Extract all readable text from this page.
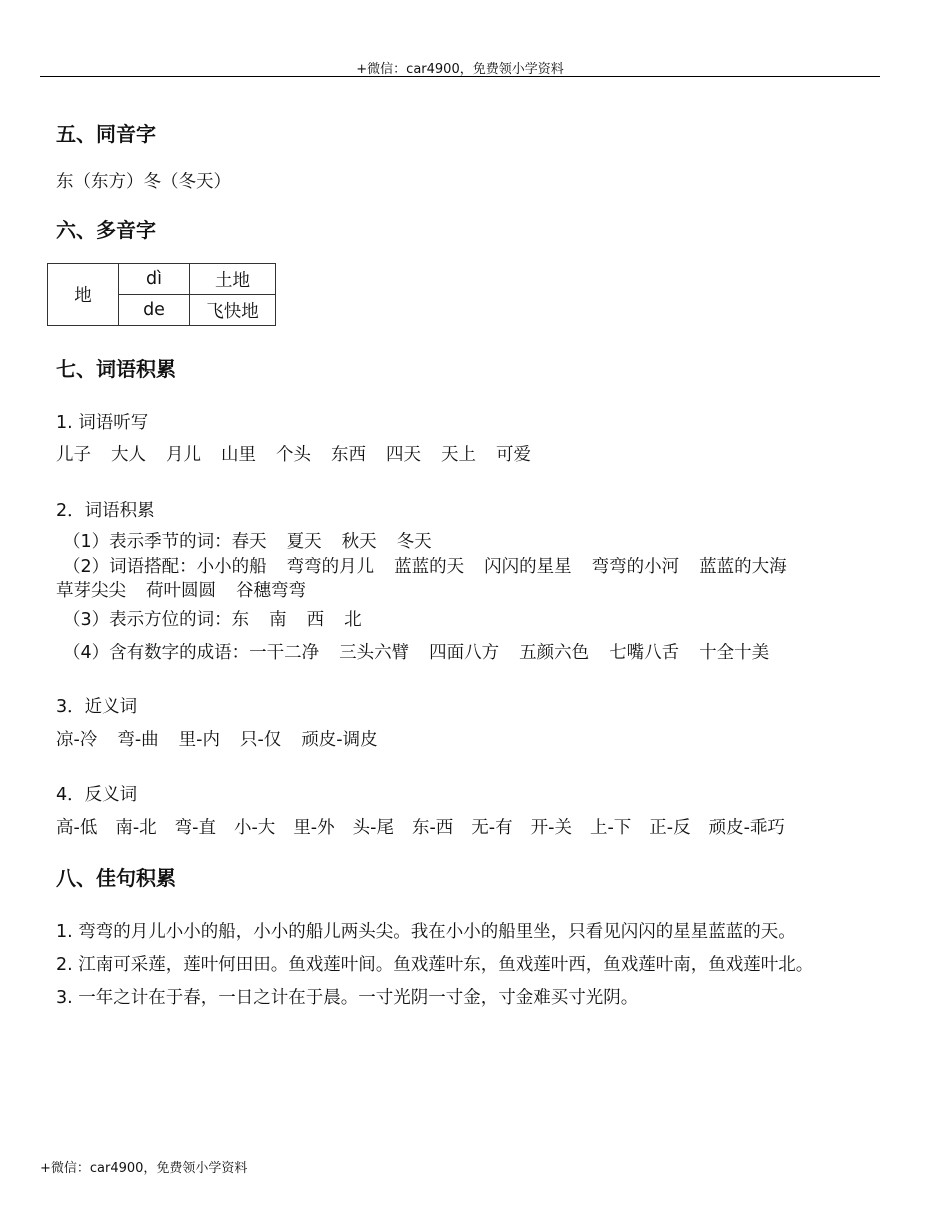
+微信：car4900，免费领小学资料
五、同音字
东（东方）冬（冬天）
六、多音字
地	dì	土地
	de	飞快地
七、词语积累
1. 词语听写
儿子 大人 月儿 山里 个头 东西 四天 天上 可爱
2．词语积累
（1）表示季节的词：春天 夏天 秋天 冬天
（2）词语搭配：小小的船 弯弯的月儿 蓝蓝的天 闪闪的星星 弯弯的小河 蓝蓝的大海
草芽尖尖 荷叶圆圆 谷穗弯弯
（3）表示方位的词：东 南 西 北
（4）含有数字的成语：一干二净 三头六臂 四面八方 五颜六色 七嘴八舌 十全十美
3．近义词
凉-冷 弯-曲 里-内 只-仅 顽皮-调皮
4．反义词
高-低 南-北 弯-直 小-大 里-外 头-尾 东-西 无-有 开-关 上-下 正-反 顽皮-乖巧
八、佳句积累
1. 弯弯的月儿小小的船，小小的船儿两头尖。我在小小的船里坐，只看见闪闪的星星蓝蓝的天。
2. 江南可采莲，莲叶何田田。鱼戏莲叶间。鱼戏莲叶东，鱼戏莲叶西，鱼戏莲叶南，鱼戏莲叶北。
3. 一年之计在于春，一日之计在于晨。一寸光阴一寸金，寸金难买寸光阴。
+微信：car4900，免费领小学资料
